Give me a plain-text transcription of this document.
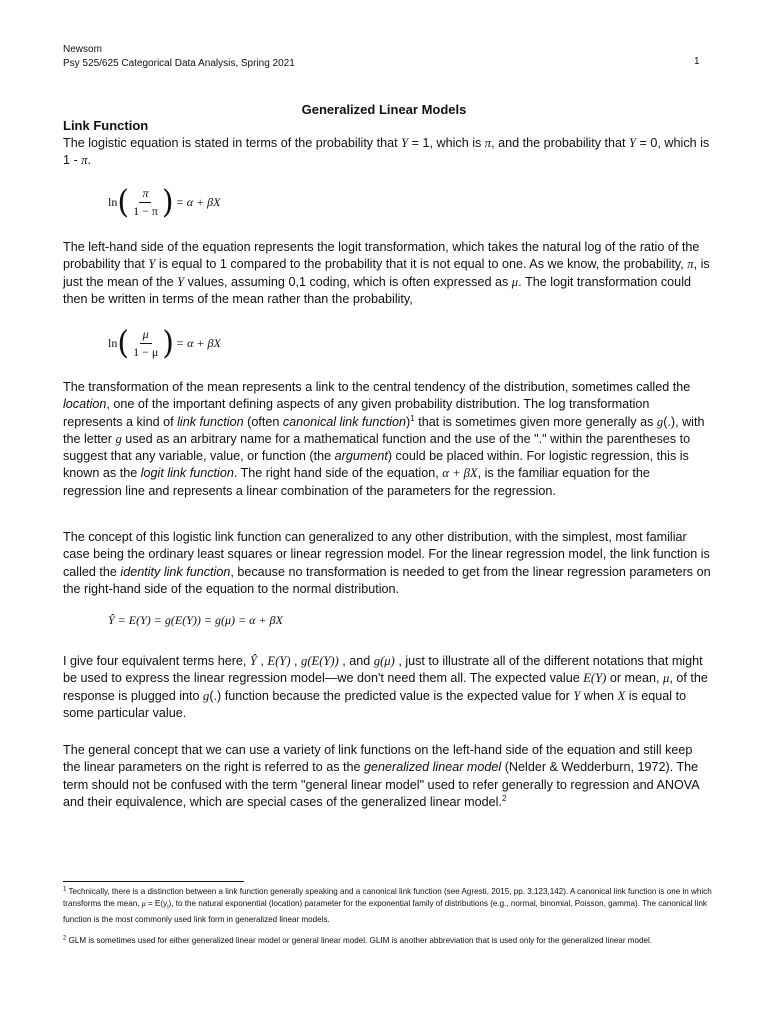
Newsom
Psy 525/625 Categorical Data Analysis, Spring 2021	1
Generalized Linear Models
Link Function

The logistic equation is stated in terms of the probability that Y = 1, which is π, and the probability that Y = 0, which is 1 - π.

ln ( $\frac{\pi}{1 - \pi}$ ) = α + βX

The left-hand side of the equation represents the logit transformation, which takes the natural log of the ratio of the probability that Y is equal to 1 compared to the probability that it is not equal to one. As we know, the probability, π, is just the mean of the Y values, assuming 0,1 coding, which is often expressed as μ. The logit transformation could then be written in terms of the mean rather than the probability,

ln ( $\frac{\mu}{1 - \mu}$ ) = α + βX

The transformation of the mean represents a link to the central tendency of the distribution, sometimes called the location, one of the important defining aspects of any given probability distribution. The log transformation represents a kind of link function (often canonical link function)$^1$ that is sometimes given more generally as g(.), with the letter g used as an arbitrary name for a mathematical function and the use of the "." within the parentheses to suggest that any variable, value, or function (the argument) could be placed within. For logistic regression, this is known as the logit link function. The right hand side of the equation, α + βX, is the familiar equation for the regression line and represents a linear combination of the parameters for the regression.

The concept of this logistic link function can generalized to any other distribution, with the simplest, most familiar case being the ordinary least squares or linear regression model. For the linear regression model, the link function is called the identity link function, because no transformation is needed to get from the linear regression parameters on the right-hand side of the equation to the normal distribution.

Ŷ = E(Y) = g(E(Y)) = g(μ) = α + βX

I give four equivalent terms here, Ŷ , E(Y) , g(E(Y)) , and g(μ) , just to illustrate all of the different notations that might be used to express the linear regression model—we don't need them all. The expected value E(Y) or mean, μ, of the response is plugged into g(.) function because the predicted value is the expected value for Y when X is equal to some particular value.

The general concept that we can use a variety of link functions on the left-hand side of the equation and still keep the linear parameters on the right is referred to as the generalized linear model (Nelder & Wedderburn, 1972). The term should not be confused with the term "general linear model" used to refer generally to regression and ANOVA and their equivalence, which are special cases of the generalized linear model.$^2$

$^1$ Technically, there is a distinction between a link function generally speaking and a canonical link function (see Agresti, 2015, pp. 3,123,142). A canonical link function is one in which transforms the mean, $\mu = E(y_i)$, to the natural exponential (location) parameter for the exponential family of distributions (e.g., normal, binomial, Poisson, gamma). The canonical link function is the most commonly used link form in generalized linear models.

$^2$ GLM is sometimes used for either generalized linear model or general linear model. GLIM is another abbreviation that is used only for the generalized linear model.
